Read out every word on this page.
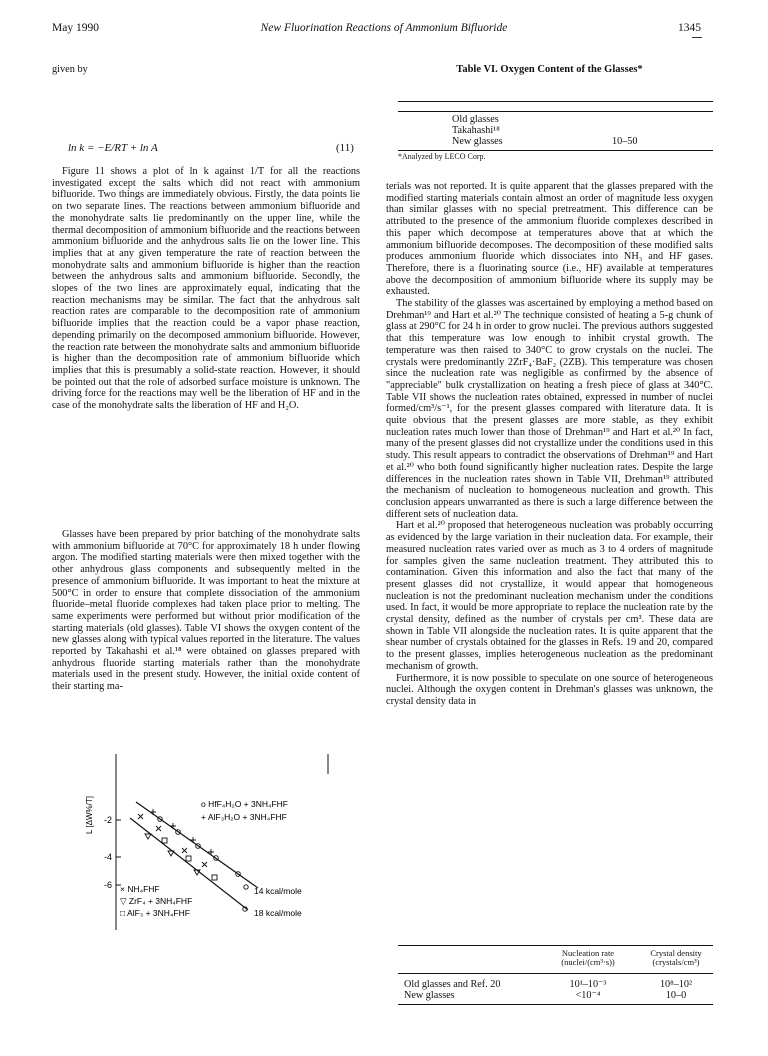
May 1990	New Fluorination Reactions of Ammonium Bifluoride	1345
given by
ln k = −E/RT + ln A	(11)

Figure 11 shows a plot of ln k against 1/T for all the reactions investigated except the salts which did not react with ammonium bifluoride. Two things are immediately obvious. Firstly, the data points lie on two separate lines. The reactions between ammonium bifluoride and the monohydrate salts lie predominantly on the upper line, while the thermal decomposition of ammonium bifluoride and the reactions between ammonium bifluoride and the anhydrous salts lie on the lower line. This implies that at any given temperature the rate of reaction between the monohydrate salts and ammonium bifluoride is higher than the reaction between the anhydrous salts and ammonium bifluoride. Secondly, the slopes of the two lines are approximately equal, indicating that the reaction mechanisms may be similar. The fact that the anhydrous salt reaction rates are comparable to the decomposition rate of ammonium bifluoride implies that the reaction could be a vapor phase reaction, depending primarily on the decomposed ammonium bifluoride. However, the reaction rate between the monohydrate salts and ammonium bifluoride is higher than the decomposition rate of ammonium bifluoride which implies that this is presumably a solid-state reaction. However, it should be pointed out that the role of adsorbed surface moisture is unknown. The driving force for the reactions may well be the liberation of HF and in the case of the monohydrate salts the liberation of HF and H₂O.

Glasses have been prepared by prior batching of the monohydrate salts with ammonium bifluoride at 70°C for approximately 18 h under flowing argon. The modified starting materials were then mixed together with the other anhydrous glass components and subsequently melted in the presence of ammonium bifluoride. It was important to heat the mixture at 500°C in order to ensure that complete dissociation of the ammonium fluoride–metal fluoride complexes had taken place prior to melting. The same experiments were performed but without prior modification of the starting materials (old glasses). Table VI shows the oxygen content of the new glasses along with typical values reported in the literature. The values reported by Takahashi et al.¹⁸ were obtained on glasses prepared with anhydrous fluoride starting materials rather than the monohydrate materials used in the present study. However, the initial oxide content of their starting ma-

-2
-4
-6
L [ΔW%/T]	o HfF₄H₂O + 3NH₄FHF
+ AlF₃H₂O + 3NH₄FHF
14 kcal/mole
18 kcal/mole
× NH₄FHF
▽ ZrF₄ + 3NH₄FHF
□ AlF₃ + 3NH₄FHF
Table VI. Oxygen Content of the Glasses*
Old glasses
Takahashi¹⁸
New glasses	10–50
*Analyzed by LECO Corp.

terials was not reported. It is quite apparent that the glasses prepared with the modified starting materials contain almost an order of magnitude less oxygen than similar glasses with no special pretreatment. This difference can be attributed to the presence of the ammonium fluoride complexes described in this paper which decompose at temperatures above that at which the ammonium bifluoride decomposes. The decomposition of these modified salts produces ammonium fluoride which dissociates into NH₃ and HF gases. Therefore, there is a fluorinating source (i.e., HF) available at temperatures above the decomposition of ammonium bifluoride where its supply may be exhausted.

The stability of the glasses was ascertained by employing a method based on Drehman¹⁹ and Hart et al.²⁰ The technique consisted of heating a 5-g chunk of glass at 290°C for 24 h in order to grow nuclei. The previous authors suggested that this temperature was low enough to inhibit crystal growth. The temperature was then raised to 340°C to grow crystals on the nuclei. The crystals were predominantly 2ZrF₄·BaF₂ (2ZB). This temperature was chosen since the nucleation rate was negligible as confirmed by the absence of "appreciable" bulk crystallization on heating a fresh piece of glass at 340°C. Table VII shows the nucleation rates obtained, expressed in number of nuclei formed/cm³/s⁻¹, for the present glasses compared with literature data. It is quite obvious that the present glasses are more stable, as they exhibit nucleation rates much lower than those of Drehman¹⁹ and Hart et al.²⁰ In fact, many of the present glasses did not crystallize under the conditions used in this study. This result appears to contradict the observations of Drehman¹⁹ and Hart et al.²⁰ who both found significantly higher nucleation rates. Despite the large differences in the nucleation rates shown in Table VII, Drehman¹⁹ attributed the mechanism of nucleation to homogeneous nucleation and growth. This conclusion appears unwarranted as there is such a large difference between the different sets of nucleation data.

Hart et al.²⁰ proposed that heterogeneous nucleation was probably occurring as evidenced by the large variation in their nucleation data. For example, their measured nucleation rates varied over as much as 3 to 4 orders of magnitude for samples given the same nucleation treatment. They attributed this to contamination. Given this information and also the fact that many of the present glasses did not crystallize, it would appear that homogeneous nucleation is not the predominant nucleation mechanism under the conditions used. In fact, it would be more appropriate to replace the nucleation rate by the crystal density, defined as the number of crystals per cm³. These data are shown in Table VII alongside the nucleation rates. It is quite apparent that the shear number of crystals obtained for the glasses in Refs. 19 and 20, compared to the present glasses, implies heterogeneous nucleation as the predominant mechanism of growth.

Furthermore, it is now possible to speculate on one source of heterogeneous nuclei. Although the oxygen content in Drehman's glasses was unknown, the crystal density data in

Nucleation rate
(nuclei/(cm³·s))
Crystal density
(crystals/cm³)
Old glasses and Ref. 20	10¹–10⁻³	10⁸–10²
New glasses	<10⁻⁴	10–0
